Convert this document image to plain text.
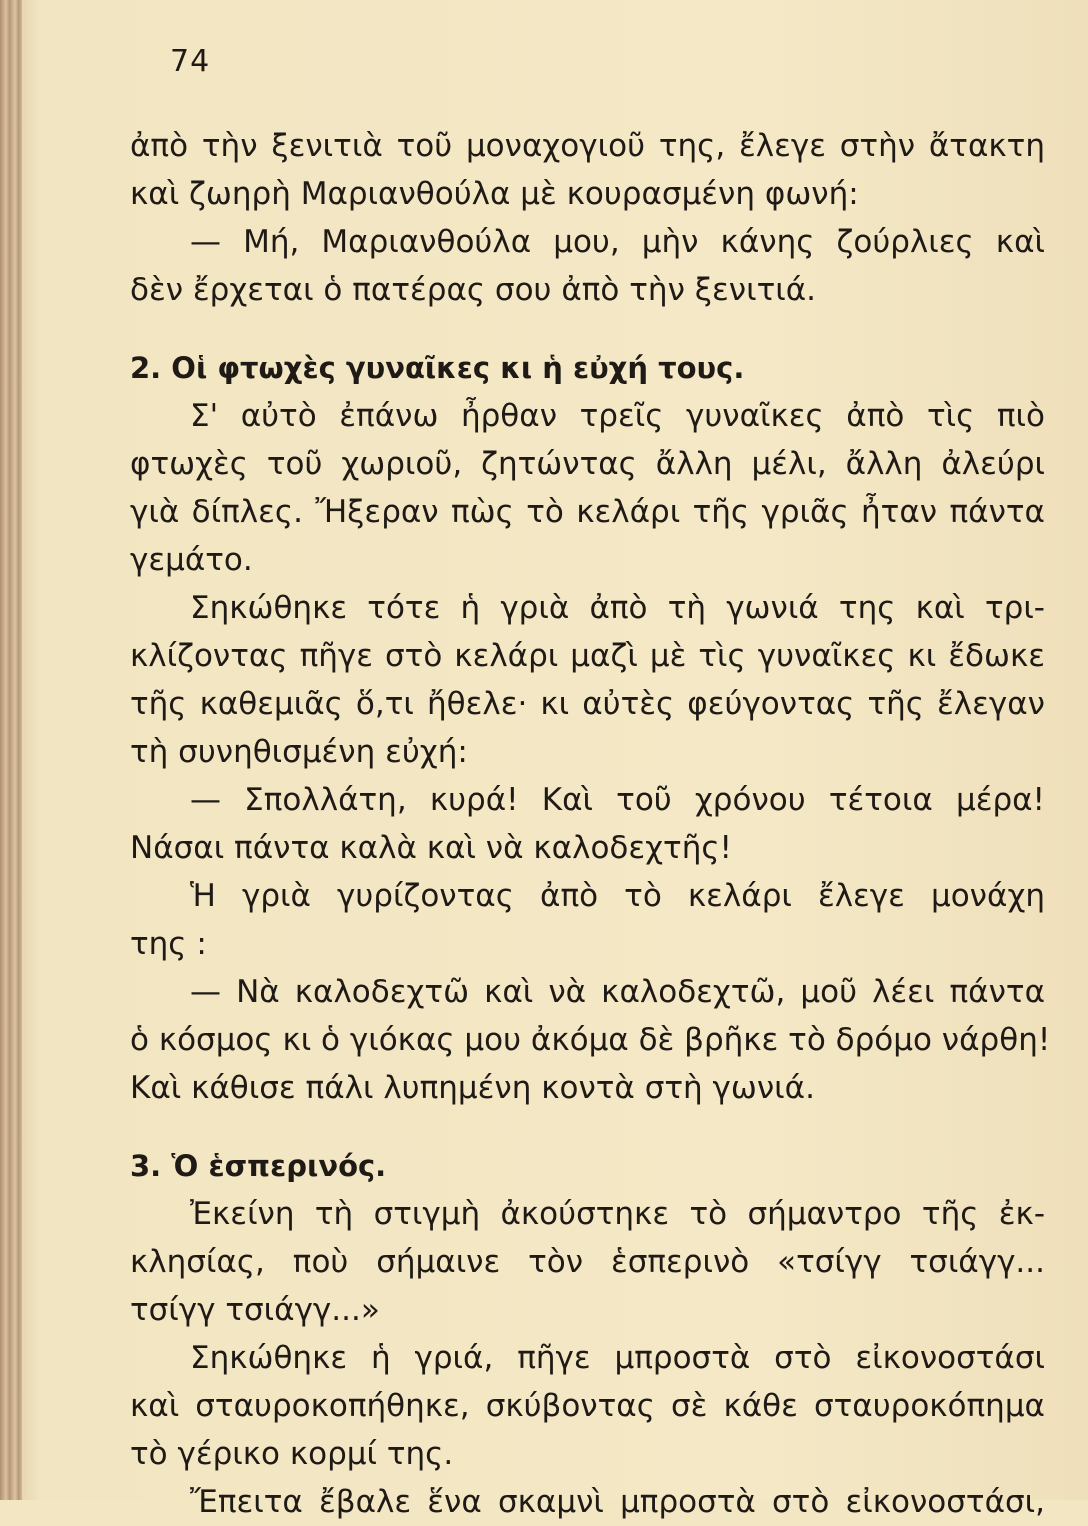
74
ἀπὸ τὴν ξενιτιὰ τοῦ μοναχογιοῦ της, ἔλεγε στὴν ἄτακτη
καὶ ζωηρὴ Μαριανθούλα μὲ κουρασμένη φωνή:
— Μή, Μαριανθούλα μου, μὴν κάνης ζούρλιες καὶ
δὲν ἔρχεται ὁ πατέρας σου ἀπὸ τὴν ξενιτιά.
2. Οἱ φτωχὲς γυναῖκες κι ἡ εὐχή τους.
Σ' αὐτὸ ἐπάνω ἦρθαν τρεῖς γυναῖκες ἀπὸ τὶς πιὸ
φτωχὲς τοῦ χωριοῦ, ζητώντας ἄλλη μέλι, ἄλλη ἀλεύρι
γιὰ δίπλες. Ἤξεραν πὼς τὸ κελάρι τῆς γριᾶς ἦταν πάντα
γεμάτο.
Σηκώθηκε τότε ἡ γριὰ ἀπὸ τὴ γωνιά της καὶ τρι-
κλίζοντας πῆγε στὸ κελάρι μαζὶ μὲ τὶς γυναῖκες κι ἔδωκε
τῆς καθεμιᾶς ὅ,τι ἤθελε· κι αὐτὲς φεύγοντας τῆς ἔλεγαν
τὴ συνηθισμένη εὐχή:
— Σπολλάτη, κυρά! Καὶ τοῦ χρόνου τέτοια μέρα!
Νάσαι πάντα καλὰ καὶ νὰ καλοδεχτῆς!
Ἡ γριὰ γυρίζοντας ἀπὸ τὸ κελάρι ἔλεγε μονάχη
της :
— Νὰ καλοδεχτῶ καὶ νὰ καλοδεχτῶ, μοῦ λέει πάντα
ὁ κόσμος κι ὁ γιόκας μου ἀκόμα δὲ βρῆκε τὸ δρόμο νάρθη!
Καὶ κάθισε πάλι λυπημένη κοντὰ στὴ γωνιά.
3. Ὁ ἑσπερινός.
Ἐκείνη τὴ στιγμὴ ἀκούστηκε τὸ σήμαντρο τῆς ἐκ-
κλησίας, ποὺ σήμαινε τὸν ἑσπερινὸ «τσίγγ τσιάγγ...
τσίγγ τσιάγγ...»
Σηκώθηκε ἡ γριά, πῆγε μπροστὰ στὸ εἰκονοστάσι
καὶ σταυροκοπήθηκε, σκύβοντας σὲ κάθε σταυροκόπημα
τὸ γέρικο κορμί της.
Ἔπειτα ἔβαλε ἕνα σκαμνὶ μπροστὰ στὸ εἰκονοστάσι,
